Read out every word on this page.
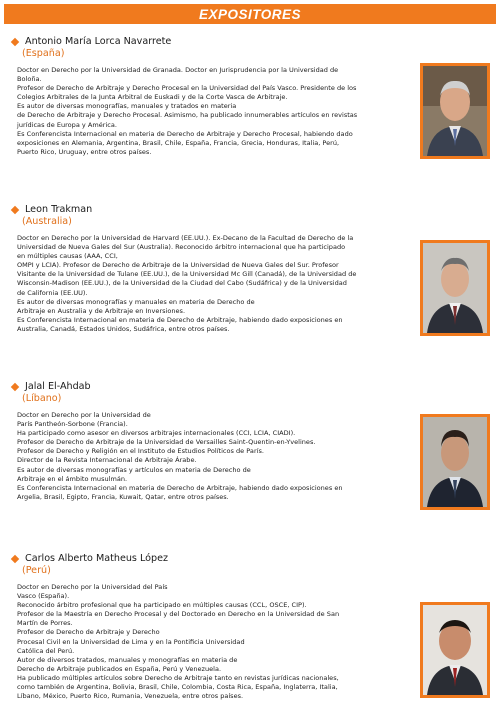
EXPOSITORES
Antonio María Lorca Navarrete
(España)
Doctor en Derecho por la Universidad de Granada. Doctor en Jurisprudencia por la Universidad de
Boloña.
Profesor de Derecho de Arbitraje y Derecho Procesal en la Universidad del País Vasco. Presidente de los
Colegios Arbitrales de la Junta Arbitral de Euskadi y de la Corte Vasca de Arbitraje.
Es autor de diversas monografías, manuales y tratados en materia
de Derecho de Arbitraje y Derecho Procesal. Asimismo, ha publicado innumerables artículos en revistas
jurídicas de Europa y América.
Es Conferencista Internacional en materia de Derecho de Arbitraje y Derecho Procesal, habiendo dado
exposiciones en Alemania, Argentina, Brasil, Chile, España, Francia, Grecia, Honduras, Italia, Perú,
Puerto Rico, Uruguay, entre otros países.
Leon Trakman
(Australia)
Doctor en Derecho por la Universidad de Harvard (EE.UU.). Ex-Decano de la Facultad de Derecho de la
Universidad de Nueva Gales del Sur (Australia). Reconocido árbitro internacional que ha participado
en múltiples causas (AAA, CCI,
OMPI y LCIA). Profesor de Derecho de Arbitraje de la Universidad de Nueva Gales del Sur. Profesor
Visitante de la Universidad de Tulane (EE.UU.), de la Universidad Mc Gill (Canadá), de la Universidad de
Wisconsin-Madison (EE.UU.), de la Universidad de la Ciudad del Cabo (Sudáfrica) y de la Universidad
de California (EE.UU).
Es autor de diversas monografías y manuales en materia de Derecho de
Arbitraje en Australia y de Arbitraje en Inversiones.
Es Conferencista Internacional en materia de Derecho de Arbitraje, habiendo dado exposiciones en
Australia, Canadá, Estados Unidos, Sudáfrica, entre otros países.
Jalal El-Ahdab
(Líbano)
Doctor en Derecho por la Universidad de
París Pantheón-Sorbone (Francia).
Ha participado como asesor en diversos arbitrajes internacionales (CCI, LCIA, CIADI).
Profesor de Derecho de Arbitraje de la Universidad de Versailles Saint-Quentin-en-Yvelines.
Profesor de Derecho y Religión en el Instituto de Estudios Políticos de París.
Director de la Revista Internacional de Arbitraje Árabe.
Es autor de diversas monografías y artículos en materia de Derecho de
Arbitraje en el ámbito musulmán.
Es Conferencista Internacional en materia de Derecho de Arbitraje, habiendo dado exposiciones en
Argelia, Brasil, Egipto, Francia, Kuwait, Qatar, entre otros países.
Carlos Alberto Matheus López
(Perú)
Doctor en Derecho por la Universidad del País
Vasco (España).
Reconocido árbitro profesional que ha participado en múltiples causas (CCL, OSCE, CIP).
Profesor de la Maestría en Derecho Procesal y del Doctorado en Derecho en la Universidad de San
Martín de Porres.
Profesor de Derecho de Arbitraje y Derecho
Procesal Civil en la Universidad de Lima y en la Pontificia Universidad
Católica del Perú.
Autor de diversos tratados, manuales y monografías en materia de
Derecho de Arbitraje publicados en España, Perú y Venezuela.
Ha publicado múltiples artículos sobre Derecho de Arbitraje tanto en revistas jurídicas nacionales,
como también de Argentina, Bolivia, Brasil, Chile, Colombia, Costa Rica, España, Inglaterra, Italia,
Líbano, México, Puerto Rico, Rumania, Venezuela, entre otros países.
